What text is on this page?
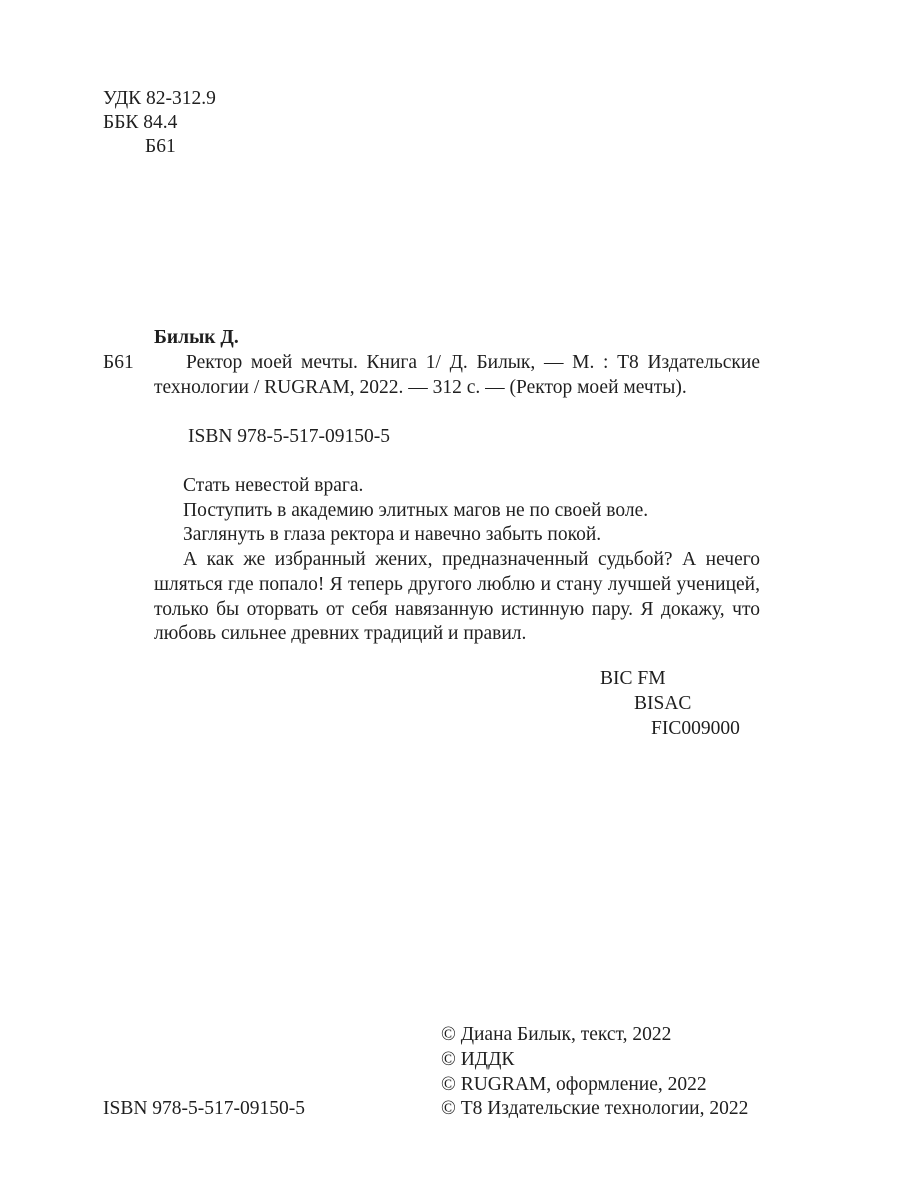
УДК 82-312.9
ББК 84.4
Б61
Билык Д.
Б61	Ректор моей мечты. Книга 1/ Д. Билык, — М. : Т8 Издательские
технологии / RUGRAM, 2022. — 312 с. — (Ректор моей мечты).
ISBN 978-5-517-09150-5
Стать невестой врага.
Поступить в академию элитных магов не по своей воле.
Заглянуть в глаза ректора и навечно забыть покой.
А как же избранный жених, предназначенный судьбой? А нечего
шляться где попало! Я теперь другого люблю и стану лучшей ученицей,
только бы оторвать от себя навязанную истинную пару. Я докажу, что
любовь сильнее древних традиций и правил.
BIC FM
BISAC
FIC009000
© Диана Билык, текст, 2022
© ИДДК
© RUGRAM, оформление, 2022
© Т8 Издательские технологии, 2022
ISBN 978-5-517-09150-5
